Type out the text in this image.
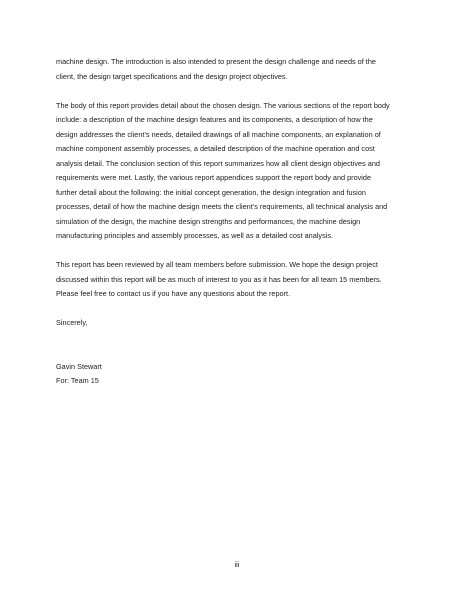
machine design. The introduction is also intended to present the design challenge and needs of the
client, the design target specifications and the design project objectives.

The body of this report provides detail about the chosen design. The various sections of the report body
include: a description of the machine design features and its components, a description of how the
design addresses the client’s needs, detailed drawings of all machine components, an explanation of
machine component assembly processes, a detailed description of the machine operation and cost
analysis detail. The conclusion section of this report summarizes how all client design objectives and
requirements were met. Lastly, the various report appendices support the report body and provide
further detail about the following: the initial concept generation, the design integration and fusion
processes, detail of how the machine design meets the client’s requirements, all technical analysis and
simulation of the design, the machine design strengths and performances, the machine design
manufacturing principles and assembly processes, as well as a detailed cost analysis.

This report has been reviewed by all team members before submission. We hope the design project
discussed within this report will be as much of interest to you as it has been for all team 15 members.
Please feel free to contact us if you have any questions about the report.

Sincerely,

Gavin Stewart
For: Team 15

iii
